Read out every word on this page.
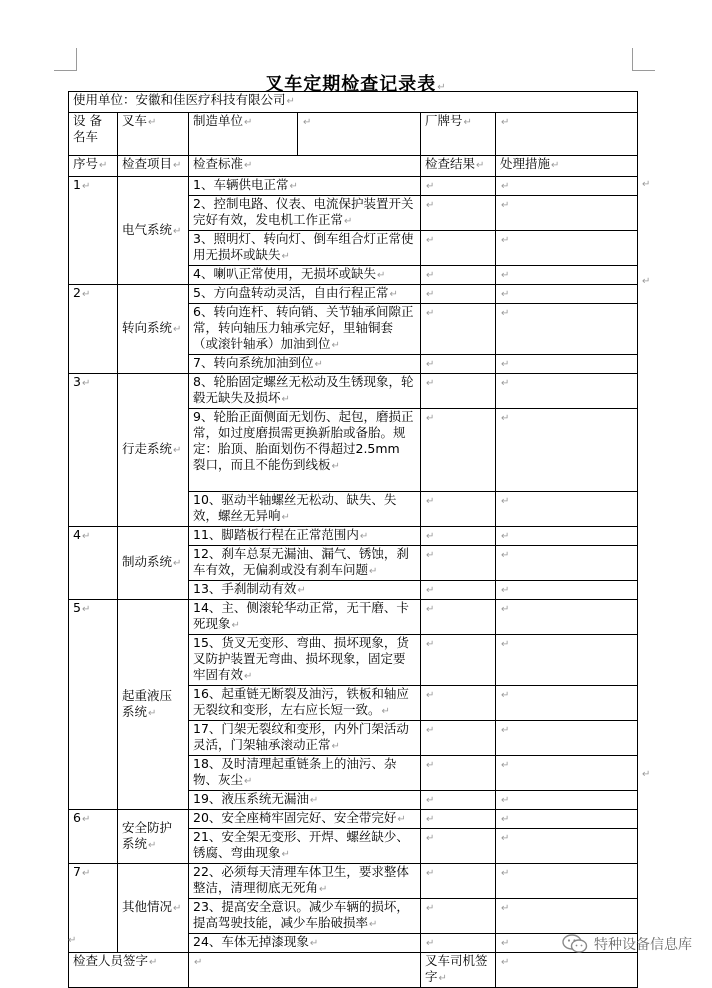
叉车定期检查记录表↵
使用单位：安徽和佳医疗科技有限公司↵					
设 备 名车	叉车↵	制造单位↵	↵	厂牌号↵	↵
序号↵	检查项目↵	检查标准↵		检查结果↵	处理措施↵
1↵	电气系统↵	1、车辆供电正常↵		↵	↵
		2、控制电路、仪表、电流保护装置开关完好有效，发电机工作正常↵		↵	↵
		3、照明灯、转向灯、倒车组合灯正常使用无损坏或缺失↵		↵	↵
		4、喇叭正常使用，无损坏或缺失↵		↵	↵
2↵	转向系统↵	5、方向盘转动灵活，自由行程正常↵		↵	↵
		6、转向连杆、转向销、关节轴承间隙正常，转向轴压力轴承完好，里轴铜套（或滚针轴承）加油到位↵		↵	↵
		7、转向系统加油到位↵		↵	↵
3↵	行走系统↵	8、轮胎固定螺丝无松动及生锈现象，轮毂无缺失及损坏↵		↵	↵
		9、轮胎正面侧面无划伤、起包，磨损正常，如过度磨损需更换新胎或备胎。规定：胎顶、胎面划伤不得超过2.5mm 裂口，而且不能伤到线板↵		↵	↵
		10、驱动半轴螺丝无松动、缺失、失效，螺丝无异响↵		↵	↵
4↵	制动系统↵	11、脚踏板行程在正常范围内↵		↵	↵
		12、刹车总泵无漏油、漏气、锈蚀，刹车有效，无偏刹或没有刹车问题↵		↵	↵
		13、手刹制动有效↵		↵	↵
5↵	起重液压系统↵	14、主、侧滚轮华动正常，无干磨、卡死现象↵		↵	↵
		15、货叉无变形、弯曲、损坏现象，货叉防护装置无弯曲、损坏现象，固定要牢固有效↵		↵	↵
		16、起重链无断裂及油污，铁板和轴应无裂纹和变形，左右应长短一致。↵		↵	↵
		17、门架无裂纹和变形，内外门架活动灵活，门架轴承滚动正常↵		↵	↵
		18、及时清理起重链条上的油污、杂物、灰尘↵		↵	↵
		19、液压系统无漏油↵		↵	↵
6↵	安全防护系统↵	20、安全座椅牢固完好、安全带完好↵		↵	↵
		21、安全架无变形、开焊、螺丝缺少、锈腐、弯曲现象↵		↵	↵
7↵	其他情况↵	22、必须每天清理车体卫生，要求整体整洁，清理彻底无死角↵		↵	↵
		23、提高安全意识。减少车辆的损坏，提高驾驶技能，减少车胎破损率↵		↵	↵
		24、车体无掉漆现象↵		↵	↵
检查人员签字↵		↵		叉车司机签字↵	↵
↵
↵
↵
↵	特种设备信息库
